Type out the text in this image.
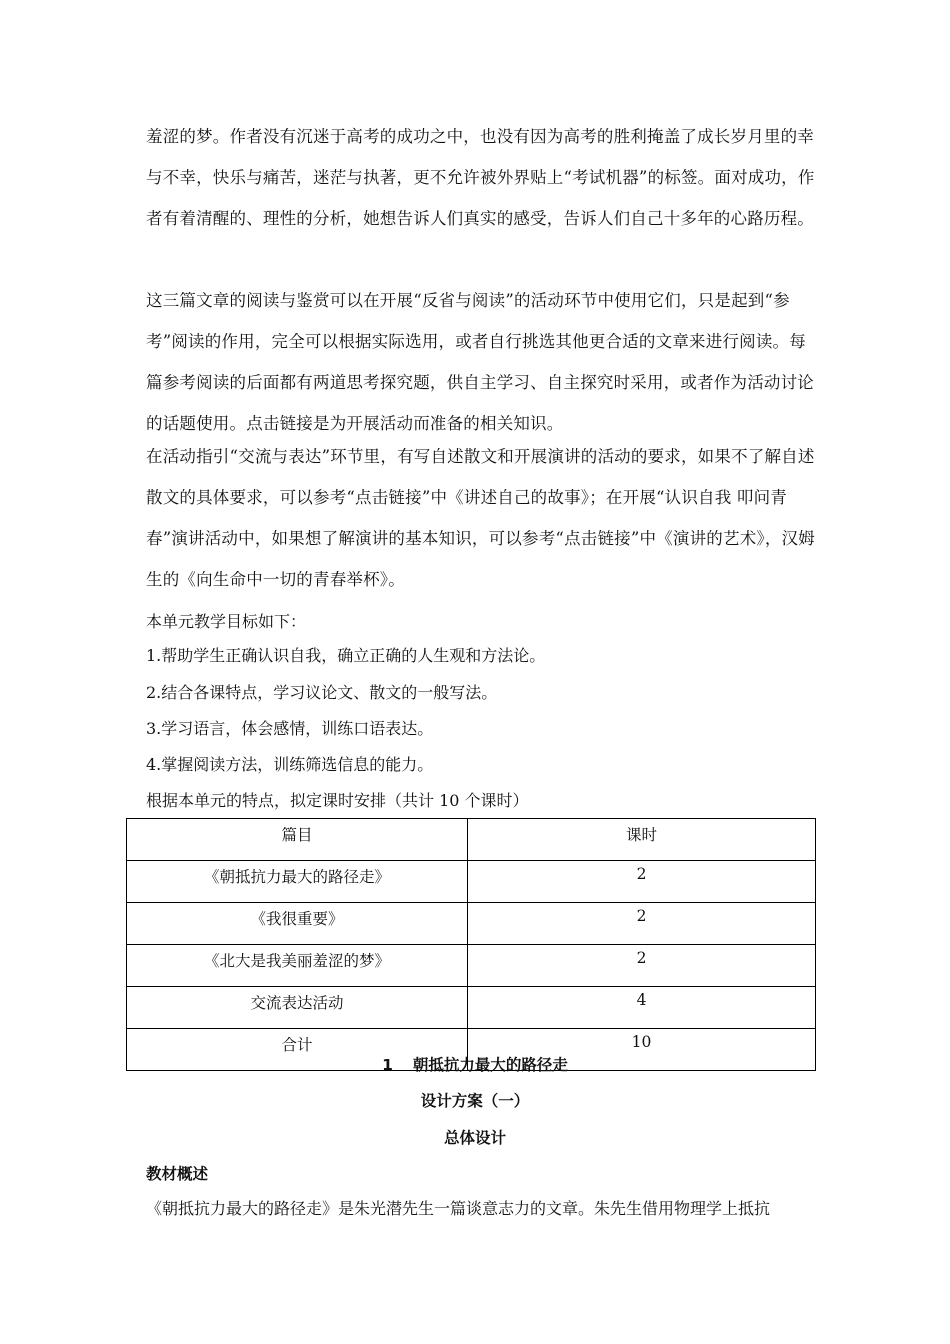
羞涩的梦。作者没有沉迷于高考的成功之中，也没有因为高考的胜利掩盖了成长岁月里的幸与不幸，快乐与痛苦，迷茫与执著，更不允许被外界贴上“考试机器”的标签。面对成功，作者有着清醒的、理性的分析，她想告诉人们真实的感受，告诉人们自己十多年的心路历程。

这三篇文章的阅读与鉴赏可以在开展“反省与阅读”的活动环节中使用它们，只是起到“参考”阅读的作用，完全可以根据实际选用，或者自行挑选其他更合适的文章来进行阅读。每篇参考阅读的后面都有两道思考探究题，供自主学习、自主探究时采用，或者作为活动讨论的话题使用。点击链接是为开展活动而准备的相关知识。

在活动指引“交流与表达”环节里，有写自述散文和开展演讲的活动的要求，如果不了解自述散文的具体要求，可以参考“点击链接”中《讲述自己的故事》；在开展“认识自我 叩问青春”演讲活动中，如果想了解演讲的基本知识，可以参考“点击链接”中《演讲的艺术》，汉姆生的《向生命中一切的青春举杯》。

本单元教学目标如下：

1.帮助学生正确认识自我，确立正确的人生观和方法论。

2.结合各课特点，学习议论文、散文的一般写法。

3.学习语言，体会感情，训练口语表达。

4.掌握阅读方法，训练筛选信息的能力。

根据本单元的特点，拟定课时安排（共计 10 个课时）

篇目	课时
《朝抵抗力最大的路径走》	2
《我很重要》	2
《北大是我美丽羞涩的梦》	2
交流表达活动	4
合计	10

1 朝抵抗力最大的路径走

设计方案（一）

总体设计

教材概述

《朝抵抗力最大的路径走》是朱光潜先生一篇谈意志力的文章。朱先生借用物理学上抵抗
